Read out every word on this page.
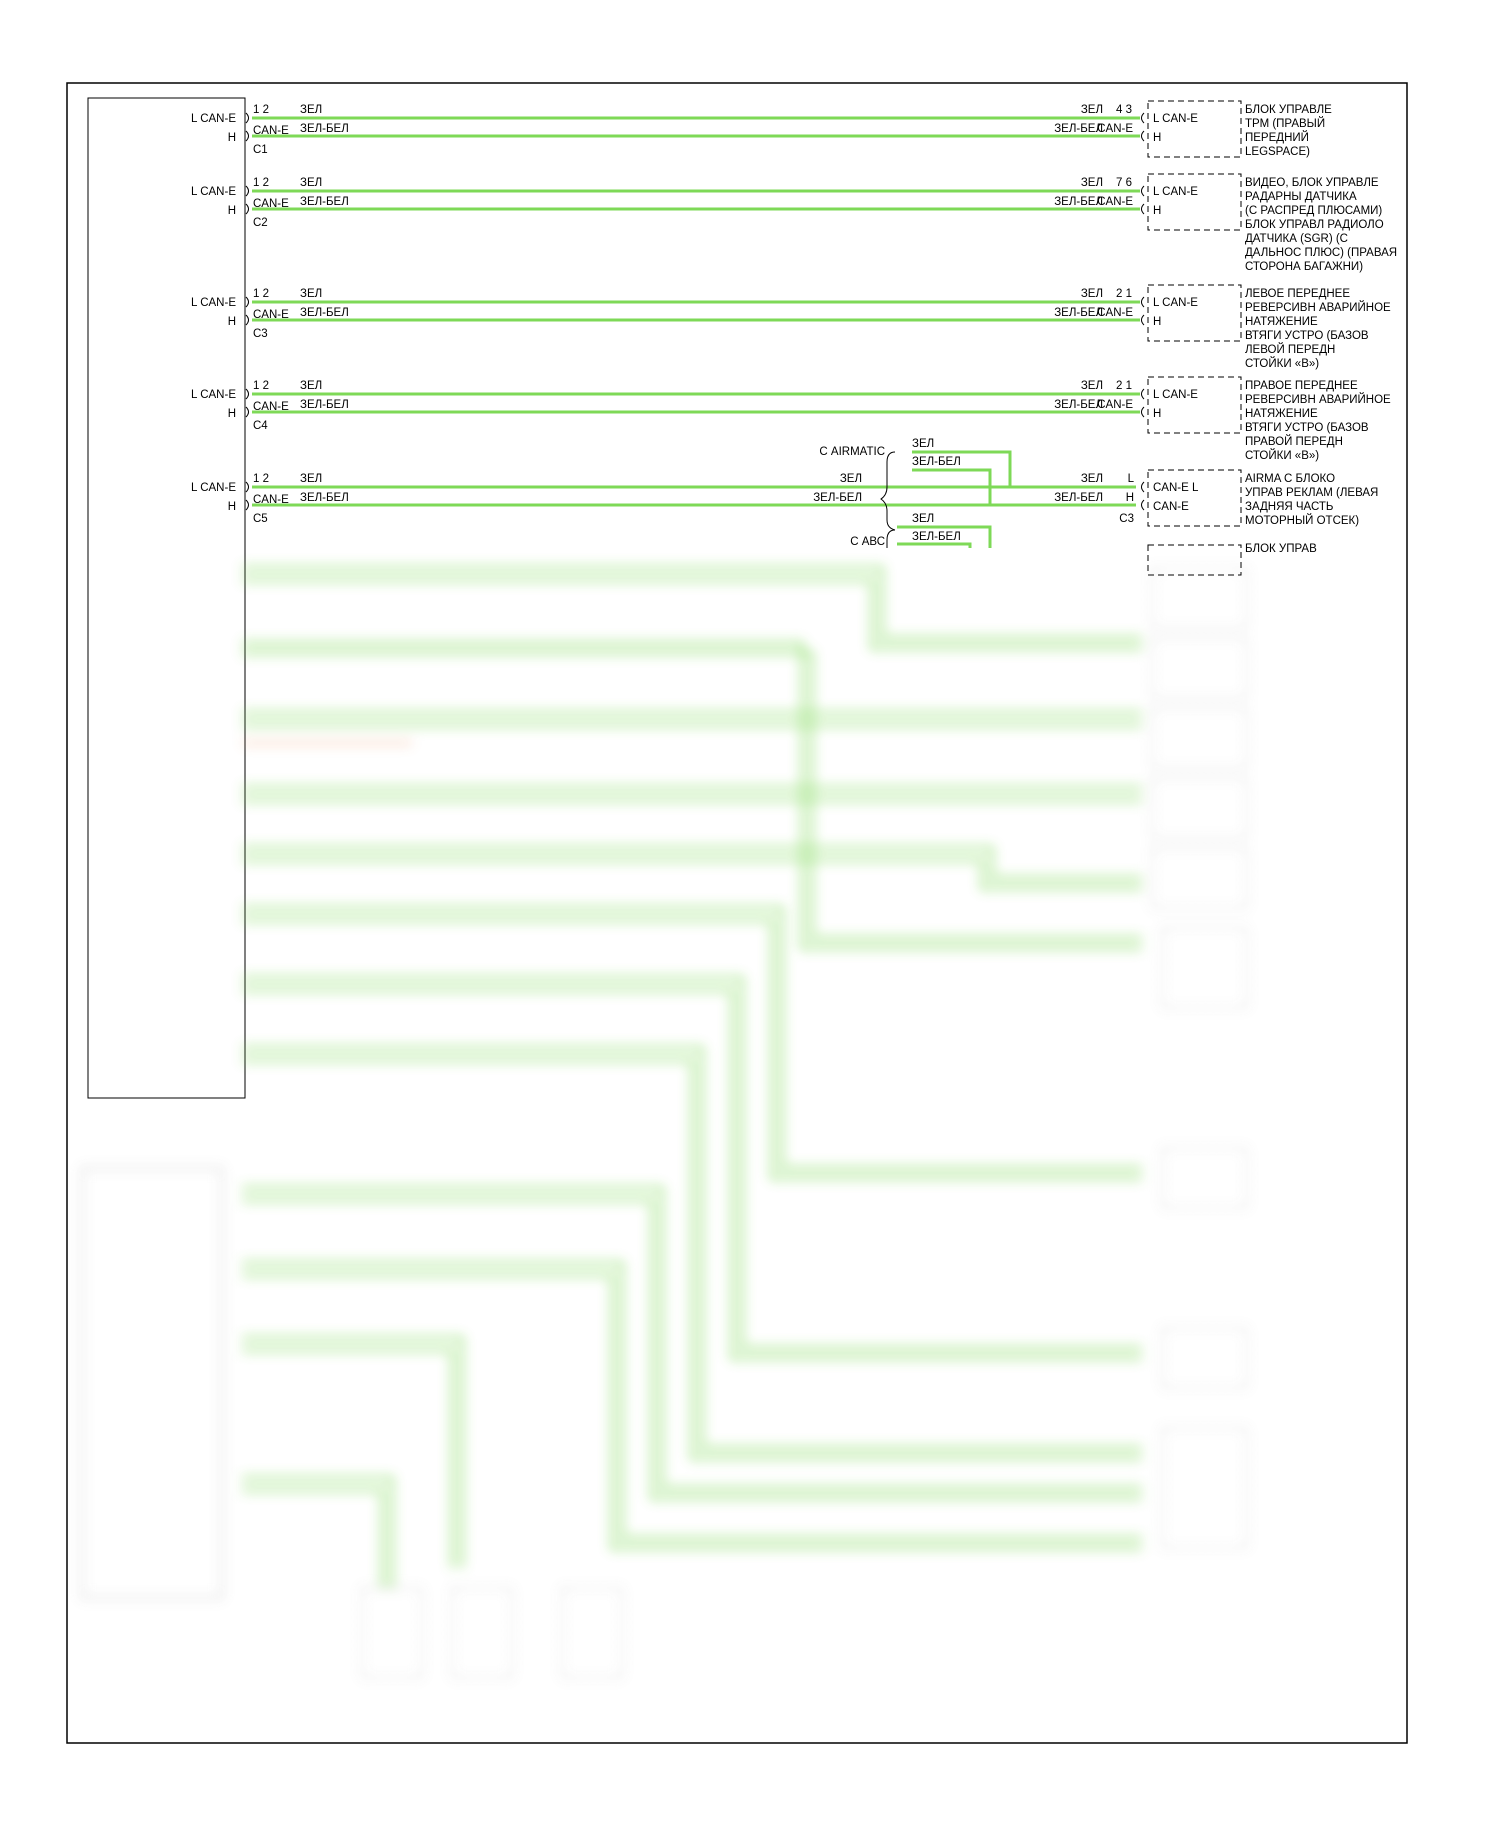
L CAN-E
H
1 2
CAN-E
C1
ЗЕЛ
ЗЕЛ-БЕЛ
ЗЕЛ
ЗЕЛ-БЕЛ
4 3
CAN-E
L CAN-E
H
БЛОК УПРАВЛЕ
ТРМ (ПРАВЫЙ
ПЕРЕДНИЙ
LEGSPACE)
L CAN-E
H
1 2
CAN-E
C2
ЗЕЛ
ЗЕЛ-БЕЛ
ЗЕЛ
ЗЕЛ-БЕЛ
7 6
CAN-E
L CAN-E
H
ВИДЕО, БЛОК УПРАВЛЕ
РАДАРНЫ ДАТЧИКА
(С РАСПРЕД ПЛЮСАМИ)
БЛОК УПРАВЛ РАДИОЛО
ДАТЧИКА (SGR) (С
ДАЛЬНОС ПЛЮС) (ПРАВАЯ
СТОРОНА БАГАЖНИ)
L CAN-E
H
1 2
CAN-E
C3
ЗЕЛ
ЗЕЛ-БЕЛ
ЗЕЛ
ЗЕЛ-БЕЛ
2 1
CAN-E
L CAN-E
H
ЛЕВОЕ ПЕРЕДНЕЕ
РЕВЕРСИВН АВАРИЙНОЕ
НАТЯЖЕНИЕ
ВТЯГИ УСТРО (БАЗОВ
ЛЕВОЙ ПЕРЕДН
СТОЙКИ «В»)
L CAN-E
H
1 2
CAN-E
C4
ЗЕЛ
ЗЕЛ-БЕЛ
ЗЕЛ
ЗЕЛ-БЕЛ
2 1
CAN-E
L CAN-E
H
ПРАВОЕ ПЕРЕДНЕЕ
РЕВЕРСИВН АВАРИЙНОЕ
НАТЯЖЕНИЕ
ВТЯГИ УСТРО (БАЗОВ
ПРАВОЙ ПЕРЕДН
СТОЙКИ «В»)
L CAN-E
H
1 2
CAN-E
C5
ЗЕЛ
ЗЕЛ-БЕЛ
ЗЕЛ
ЗЕЛ-БЕЛ
С AIRMATIC
ЗЕЛ
ЗЕЛ-БЕЛ
С АВС
ЗЕЛ
ЗЕЛ-БЕЛ
ЗЕЛ
ЗЕЛ-БЕЛ
L
H
С3
CAN-E L
CAN-E
AIRMA С БЛОКО
УПРАВ РЕКЛАМ (ЛЕВАЯ
ЗАДНЯЯ ЧАСТЬ
МОТОРНЫЙ ОТСЕК)
БЛОК УПРАВ
